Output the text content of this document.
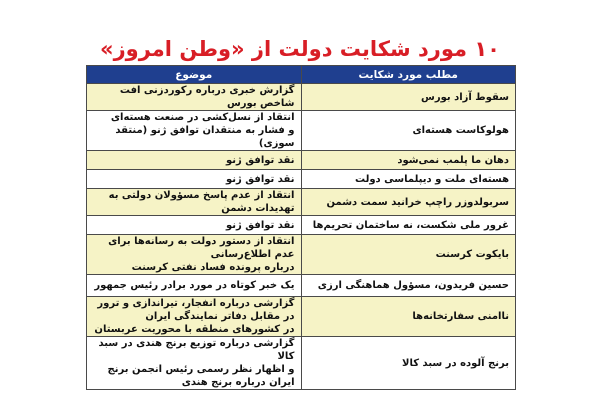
۱۰ مورد شکایت دولت از «وطن امروز»
مطلب مورد شکایت	موضوع
سقوط آزاد بورس	گزارش خبری درباره رکوردزنی افت شاخص بورس

هولوکاست هسته‌ای	انتقاد از نسل‌کشی در صنعت هسته‌ای
و فشار به منتقدان توافق ژنو (منتقد سوزی)

دهان ما پلمب نمی‌شود	نقد توافق ژنو

هسته‌ای ملت و دیپلماسی دولت	نقد توافق ژنو

سربولدوزر راچپ خرانید سمت دشمن	انتقاد از عدم پاسخ مسؤولان دولتی به تهدیدات دشمن

غرور ملی شکست، نه ساختمان تحریم‌ها	نقد توافق ژنو

بایکوت کرسنت	انتقاد از دستور دولت به رسانه‌ها برای عدم اطلاع‌رسانی
درباره پرونده فساد نفتی کرسنت

حسین فریدون، مسؤول هماهنگی ارزی	یک خبر کوتاه در مورد برادر رئیس جمهور

ناامنی سفارتخانه‌ها	گزارشی درباره انفجار، تیراندازی و ترور در مقابل دفاتر نمایندگی ایران
در کشورهای منطقه با محوریت عربستان

برنج آلوده در سبد کالا	گزارشی درباره توزیع برنج هندی در سبد کالا
و اظهار نظر رسمی رئیس انجمن برنج ایران درباره برنج هندی
